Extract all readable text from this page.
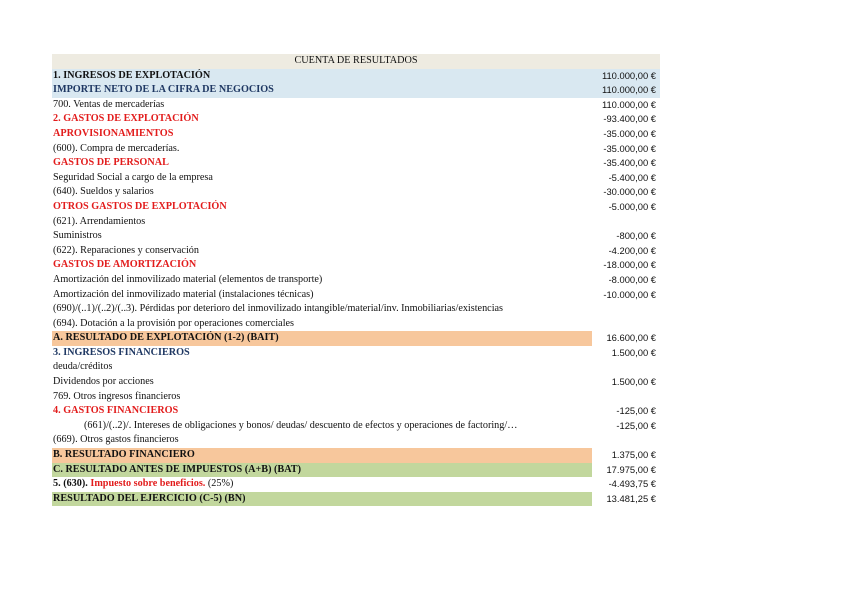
CUENTA DE RESULTADOS
1. INGRESOS DE EXPLOTACIÓN	110.000,00 €
IMPORTE NETO DE LA CIFRA DE NEGOCIOS	110.000,00 €
700. Ventas de mercaderías	110.000,00 €
2. GASTOS DE EXPLOTACIÓN	-93.400,00 €
APROVISIONAMIENTOS	-35.000,00 €
(600). Compra de mercaderías.	-35.000,00 €
GASTOS DE PERSONAL	-35.400,00 €
Seguridad Social a cargo de la empresa	-5.400,00 €
(640). Sueldos y salarios	-30.000,00 €
OTROS GASTOS DE EXPLOTACIÓN	-5.000,00 €
(621). Arrendamientos
Suministros	-800,00 €
(622). Reparaciones y conservación	-4.200,00 €
GASTOS DE AMORTIZACIÓN	-18.000,00 €
Amortización del inmovilizado material (elementos de transporte)	-8.000,00 €
Amortización del inmovilizado material (instalaciones técnicas)	-10.000,00 €
(690)/(..1)/(..2)/(..3). Pérdidas por deterioro del inmovilizado intangible/material/inv. Inmobiliarias/existencias
(694). Dotación a la provisión por operaciones comerciales
A. RESULTADO DE EXPLOTACIÓN (1-2) (BAIT)	16.600,00 €
3. INGRESOS FINANCIEROS	1.500,00 €
deuda/créditos
Dividendos por acciones	1.500,00 €
769. Otros ingresos financieros
4. GASTOS FINANCIEROS	-125,00 €
(661)/(..2)/. Intereses de obligaciones y bonos/ deudas/ descuento de efectos y operaciones de factoring/…	-125,00 €
(669). Otros gastos financieros
B. RESULTADO FINANCIERO	1.375,00 €
C. RESULTADO ANTES DE IMPUESTOS (A+B) (BAT)	17.975,00 €
5. (630). Impuesto sobre beneficios. (25%)	-4.493,75 €
RESULTADO DEL EJERCICIO (C-5) (BN)	13.481,25 €
